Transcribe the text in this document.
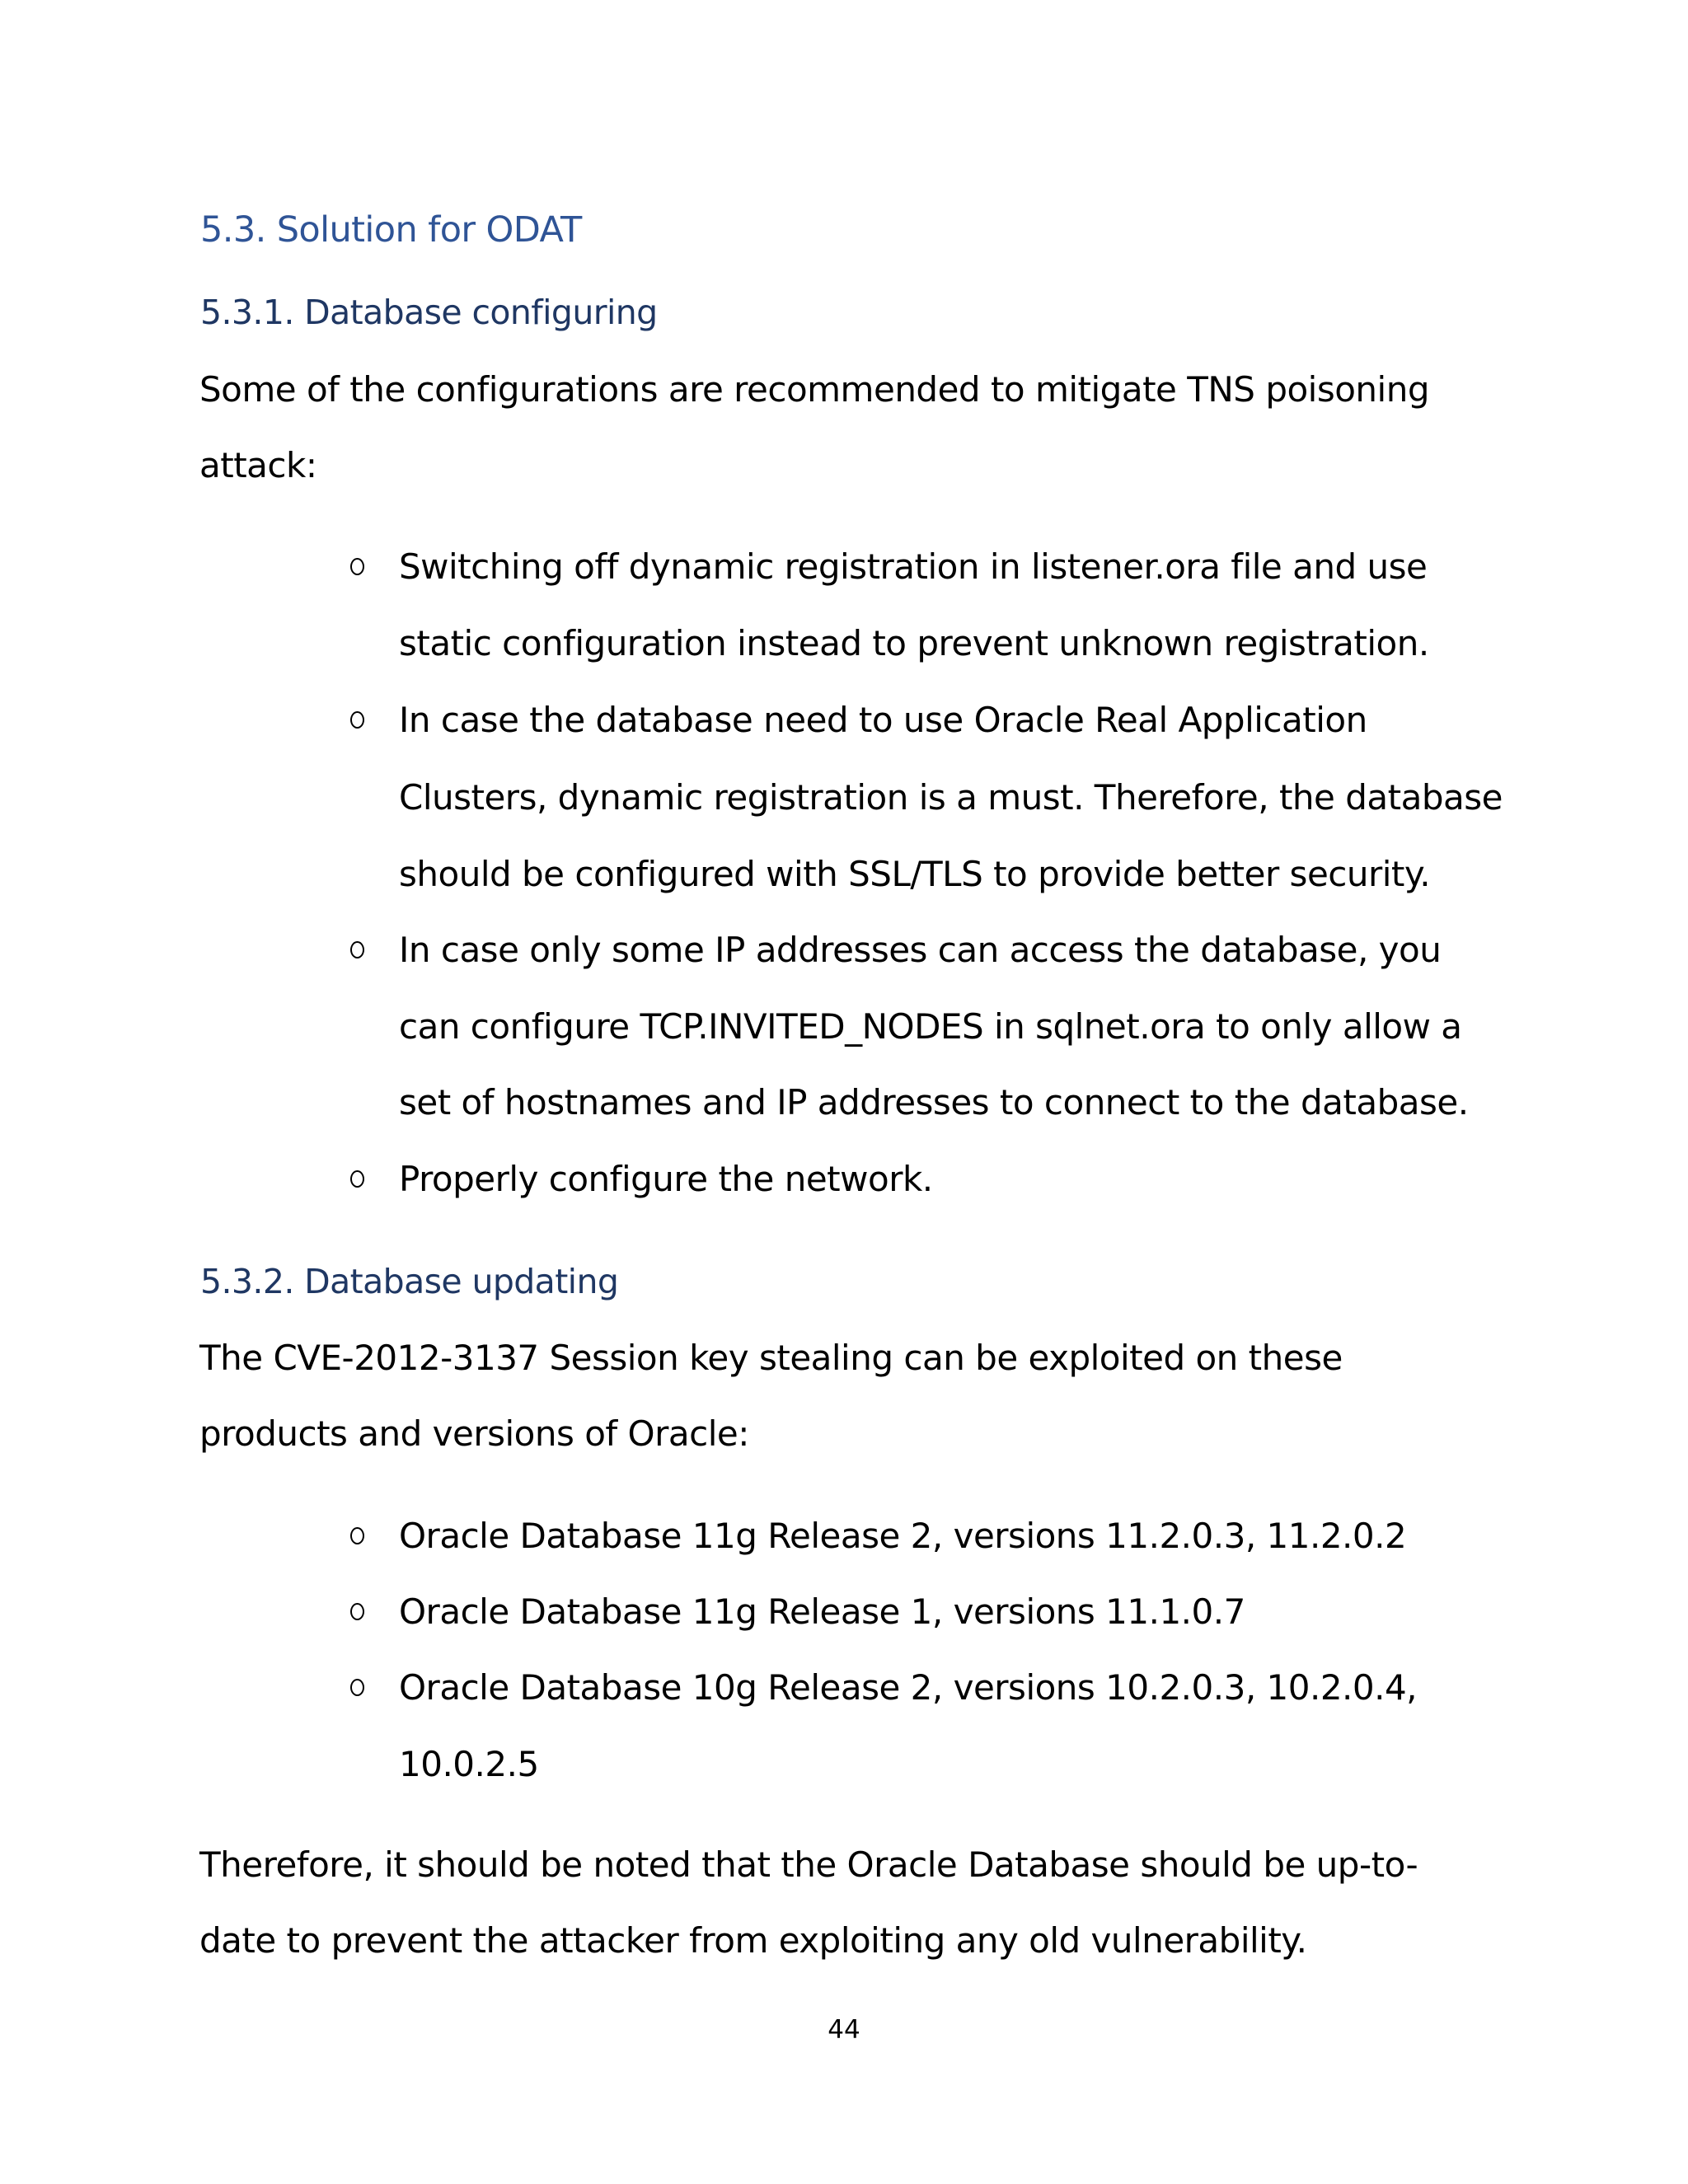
5.3. Solution for ODAT
5.3.1. Database configuring
Some of the configurations are recommended to mitigate TNS poisoning
attack:
Switching off dynamic registration in listener.ora file and use
static configuration instead to prevent unknown registration.
In case the database need to use Oracle Real Application
Clusters, dynamic registration is a must. Therefore, the database
should be configured with SSL/TLS to provide better security.
In case only some IP addresses can access the database, you
can configure TCP.INVITED_NODES in sqlnet.ora to only allow a
set of hostnames and IP addresses to connect to the database.
Properly configure the network.
5.3.2. Database updating
The CVE-2012-3137 Session key stealing can be exploited on these
products and versions of Oracle:
Oracle Database 11g Release 2, versions 11.2.0.3, 11.2.0.2
Oracle Database 11g Release 1, versions 11.1.0.7
Oracle Database 10g Release 2, versions 10.2.0.3, 10.2.0.4,
10.0.2.5
Therefore, it should be noted that the Oracle Database should be up-to-
date to prevent the attacker from exploiting any old vulnerability.
44
